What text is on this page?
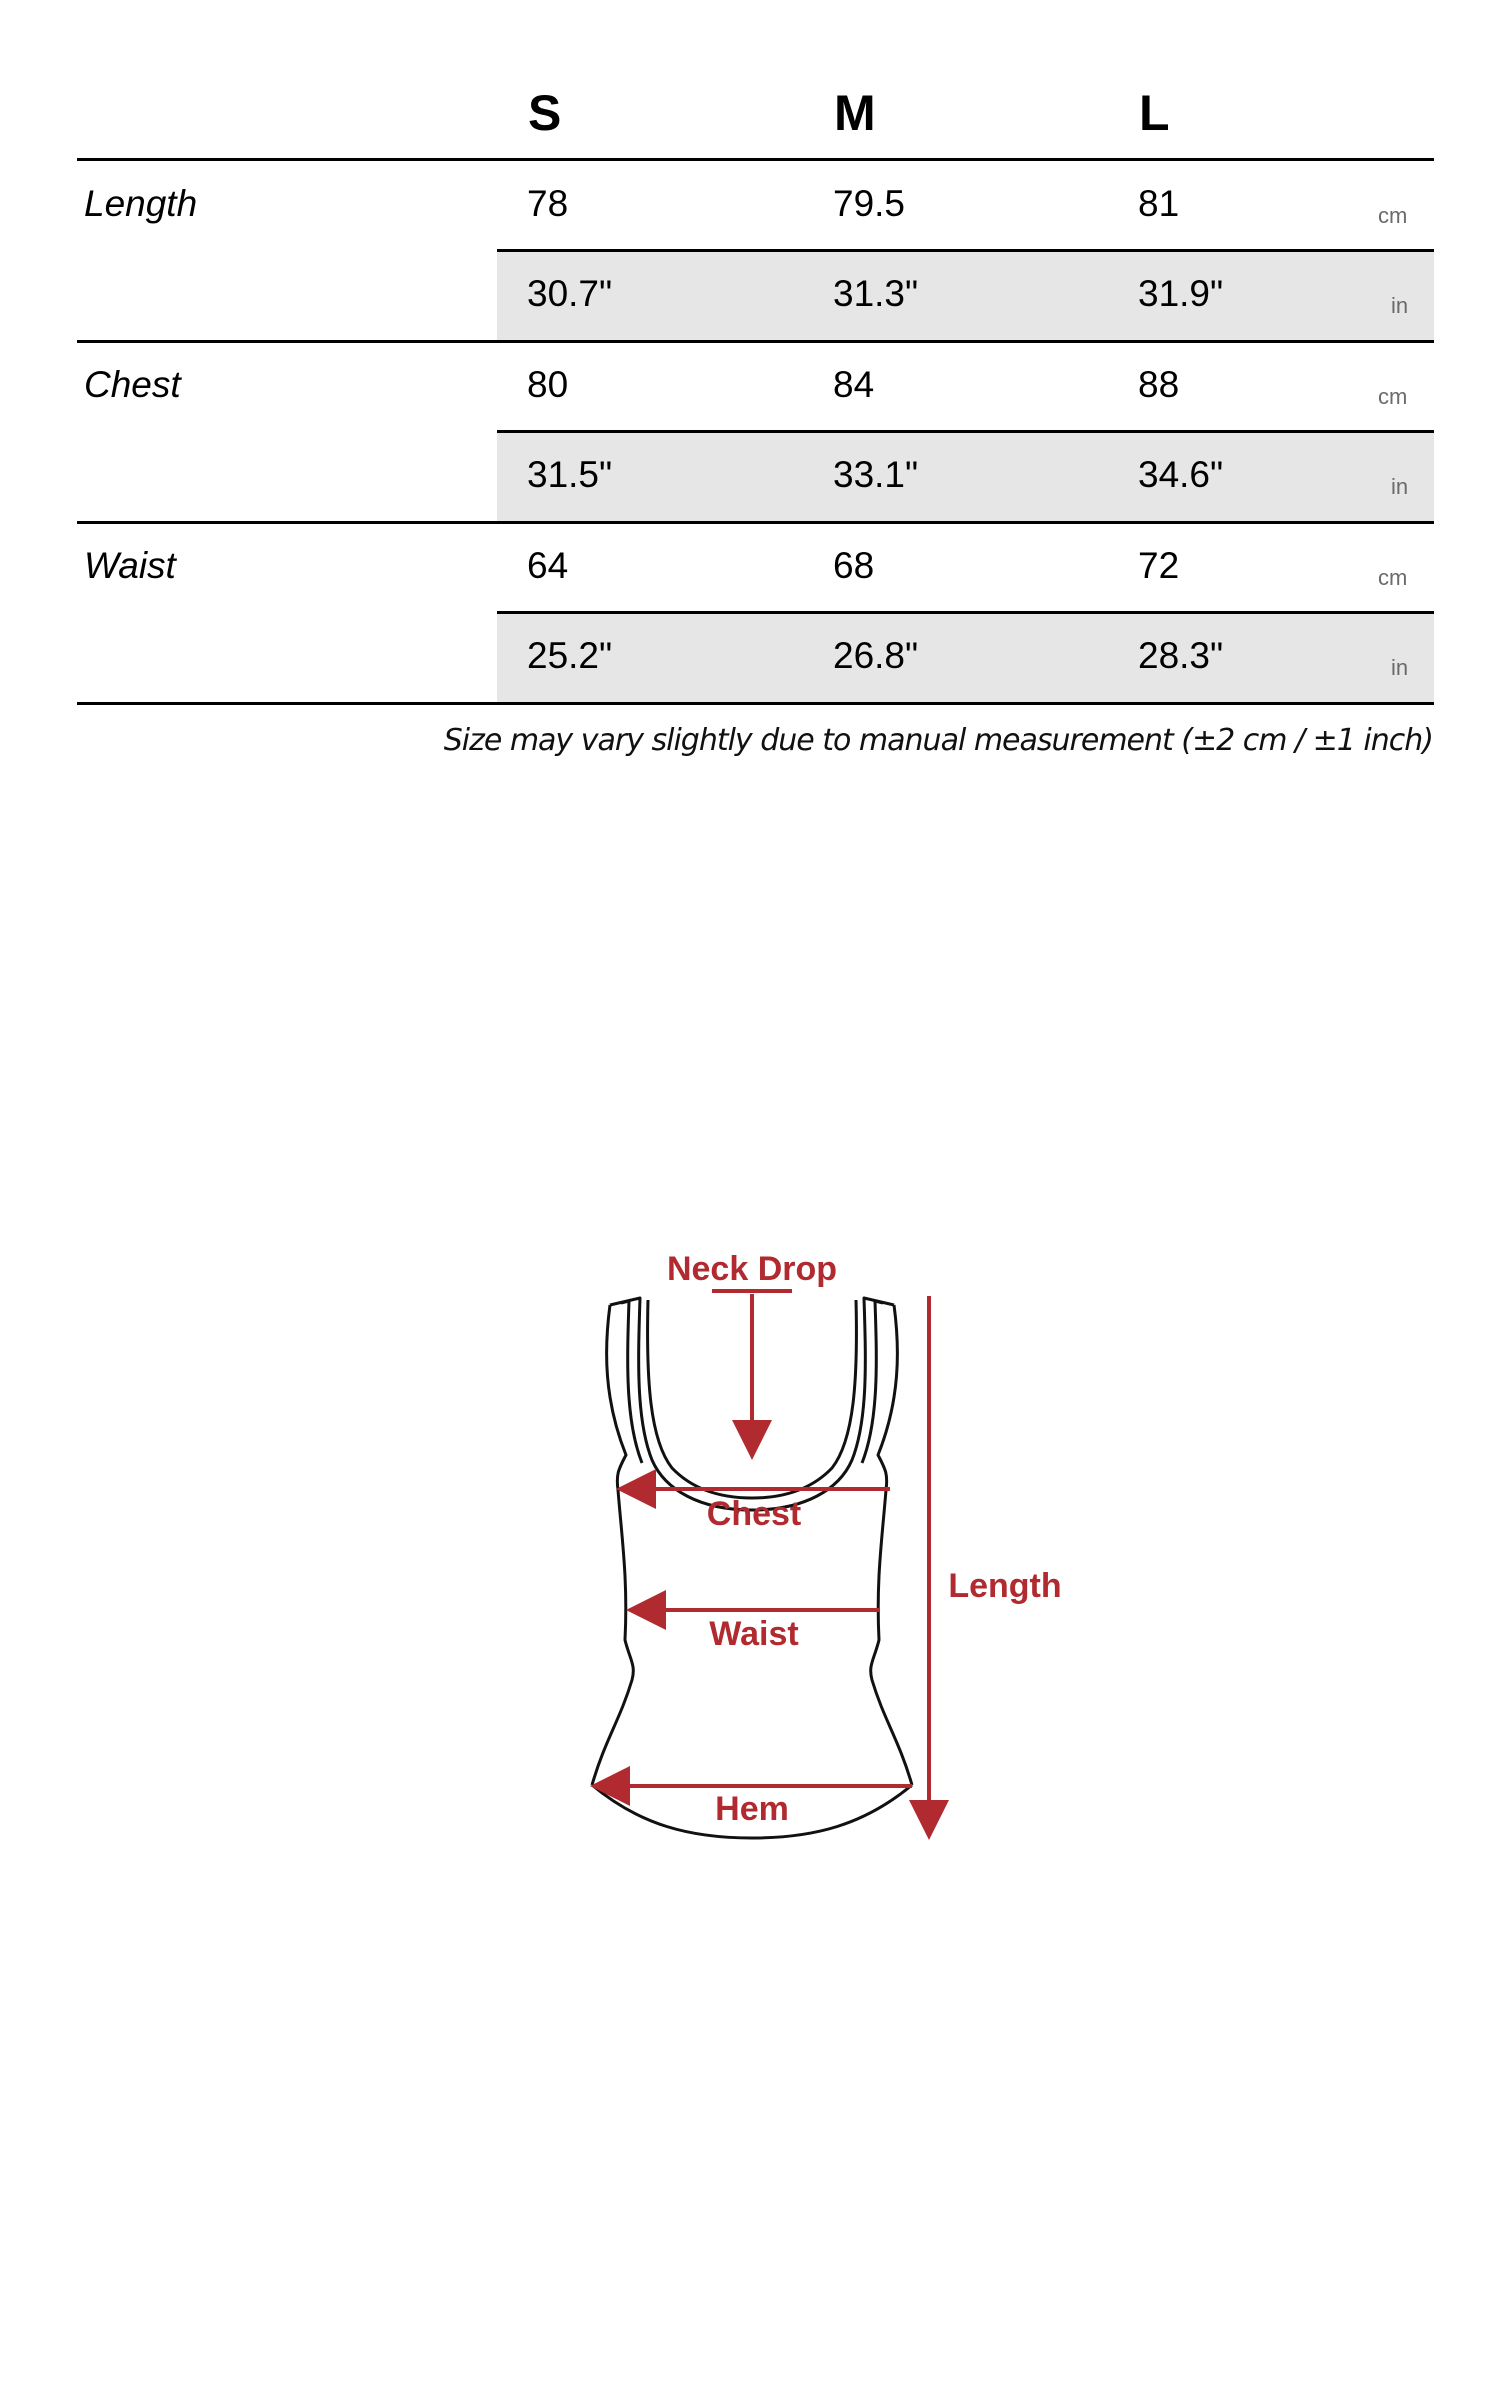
S	M	L
Length	78	79.5	81	cm
30.7"	31.3"	31.9"	in
Chest	80	84	88	cm
31.5"	33.1"	34.6"	in
Waist	64	68	72	cm
25.2"	26.8"	28.3"	in
Size may vary slightly due to manual measurement (±2 cm / ±1 inch)
Neck Drop
Chest
Waist
Hem
Length
